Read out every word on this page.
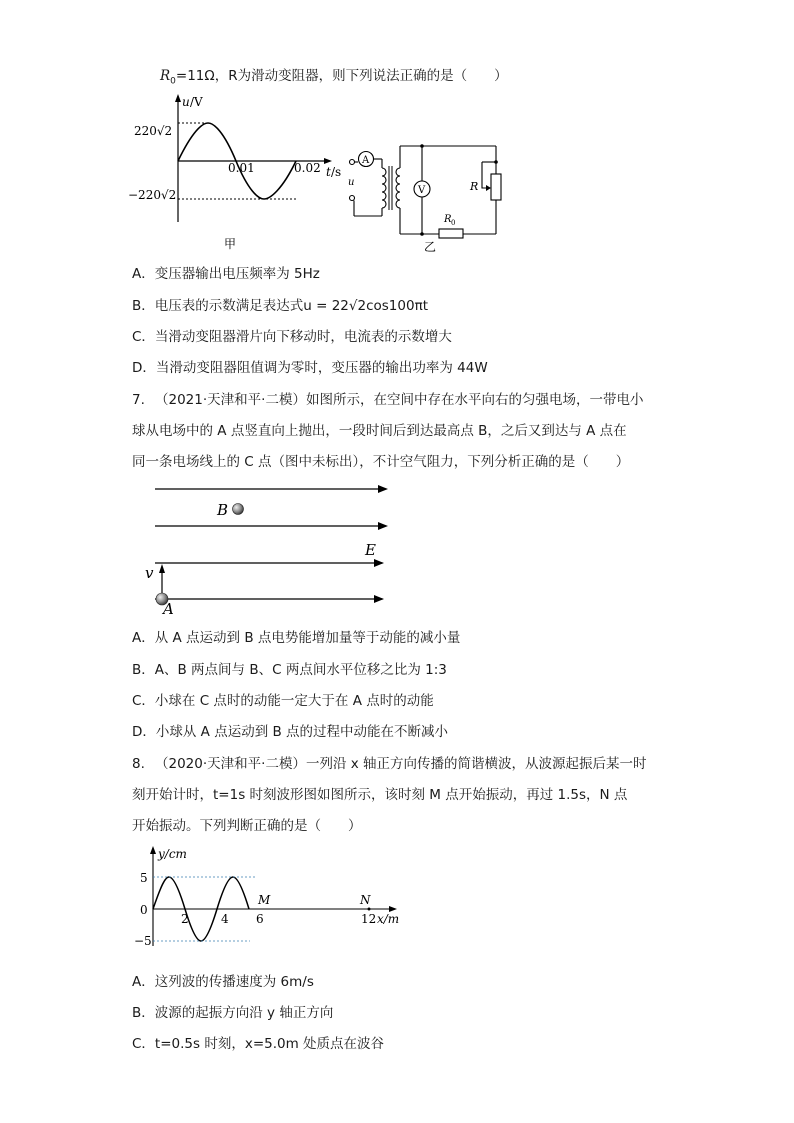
$R_0=11\Omega$，R为滑动变阻器，则下列说法正确的是（　　）
u /V
220√2
−220√2
0.01	0.02 t /s
甲
A
V
u	R
R 0
乙
A．变压器输出电压频率为 5Hz
B．电压表的示数满足表达式u = 22√2cos100πt
C．当滑动变阻器滑片向下移动时，电流表的示数增大
D．当滑动变阻器阻值调为零时，变压器的输出功率为 44W
7. （2021·天津和平·二模）如图所示，在空间中存在水平向右的匀强电场，一带电小
球从电场中的 A 点竖直向上抛出，一段时间后到达最高点 B，之后又到达与 A 点在
同一条电场线上的 C 点（图中未标出），不计空气阻力，下列分析正确的是（　　）
B
E
v
A
A．从 A 点运动到 B 点电势能增加量等于动能的减小量
B．A、B 两点间与 B、C 两点间水平位移之比为 1:3
C．小球在 C 点时的动能一定大于在 A 点时的动能
D．小球从 A 点运动到 B 点的过程中动能在不断减小
8. （2020·天津和平·二模）一列沿 x 轴正方向传播的简谐横波，从波源起振后某一时
刻开始计时，t=1s 时刻波形图如图所示，该时刻 M 点开始振动，再过 1.5s，N 点
开始振动。下列判断正确的是（　　）
y/cm
5
0
−5
2	4 6	12 x/m
M	N
A．这列波的传播速度为 6m/s
B．波源的起振方向沿 y 轴正方向
C．t=0.5s 时刻，x=5.0m 处质点在波谷
